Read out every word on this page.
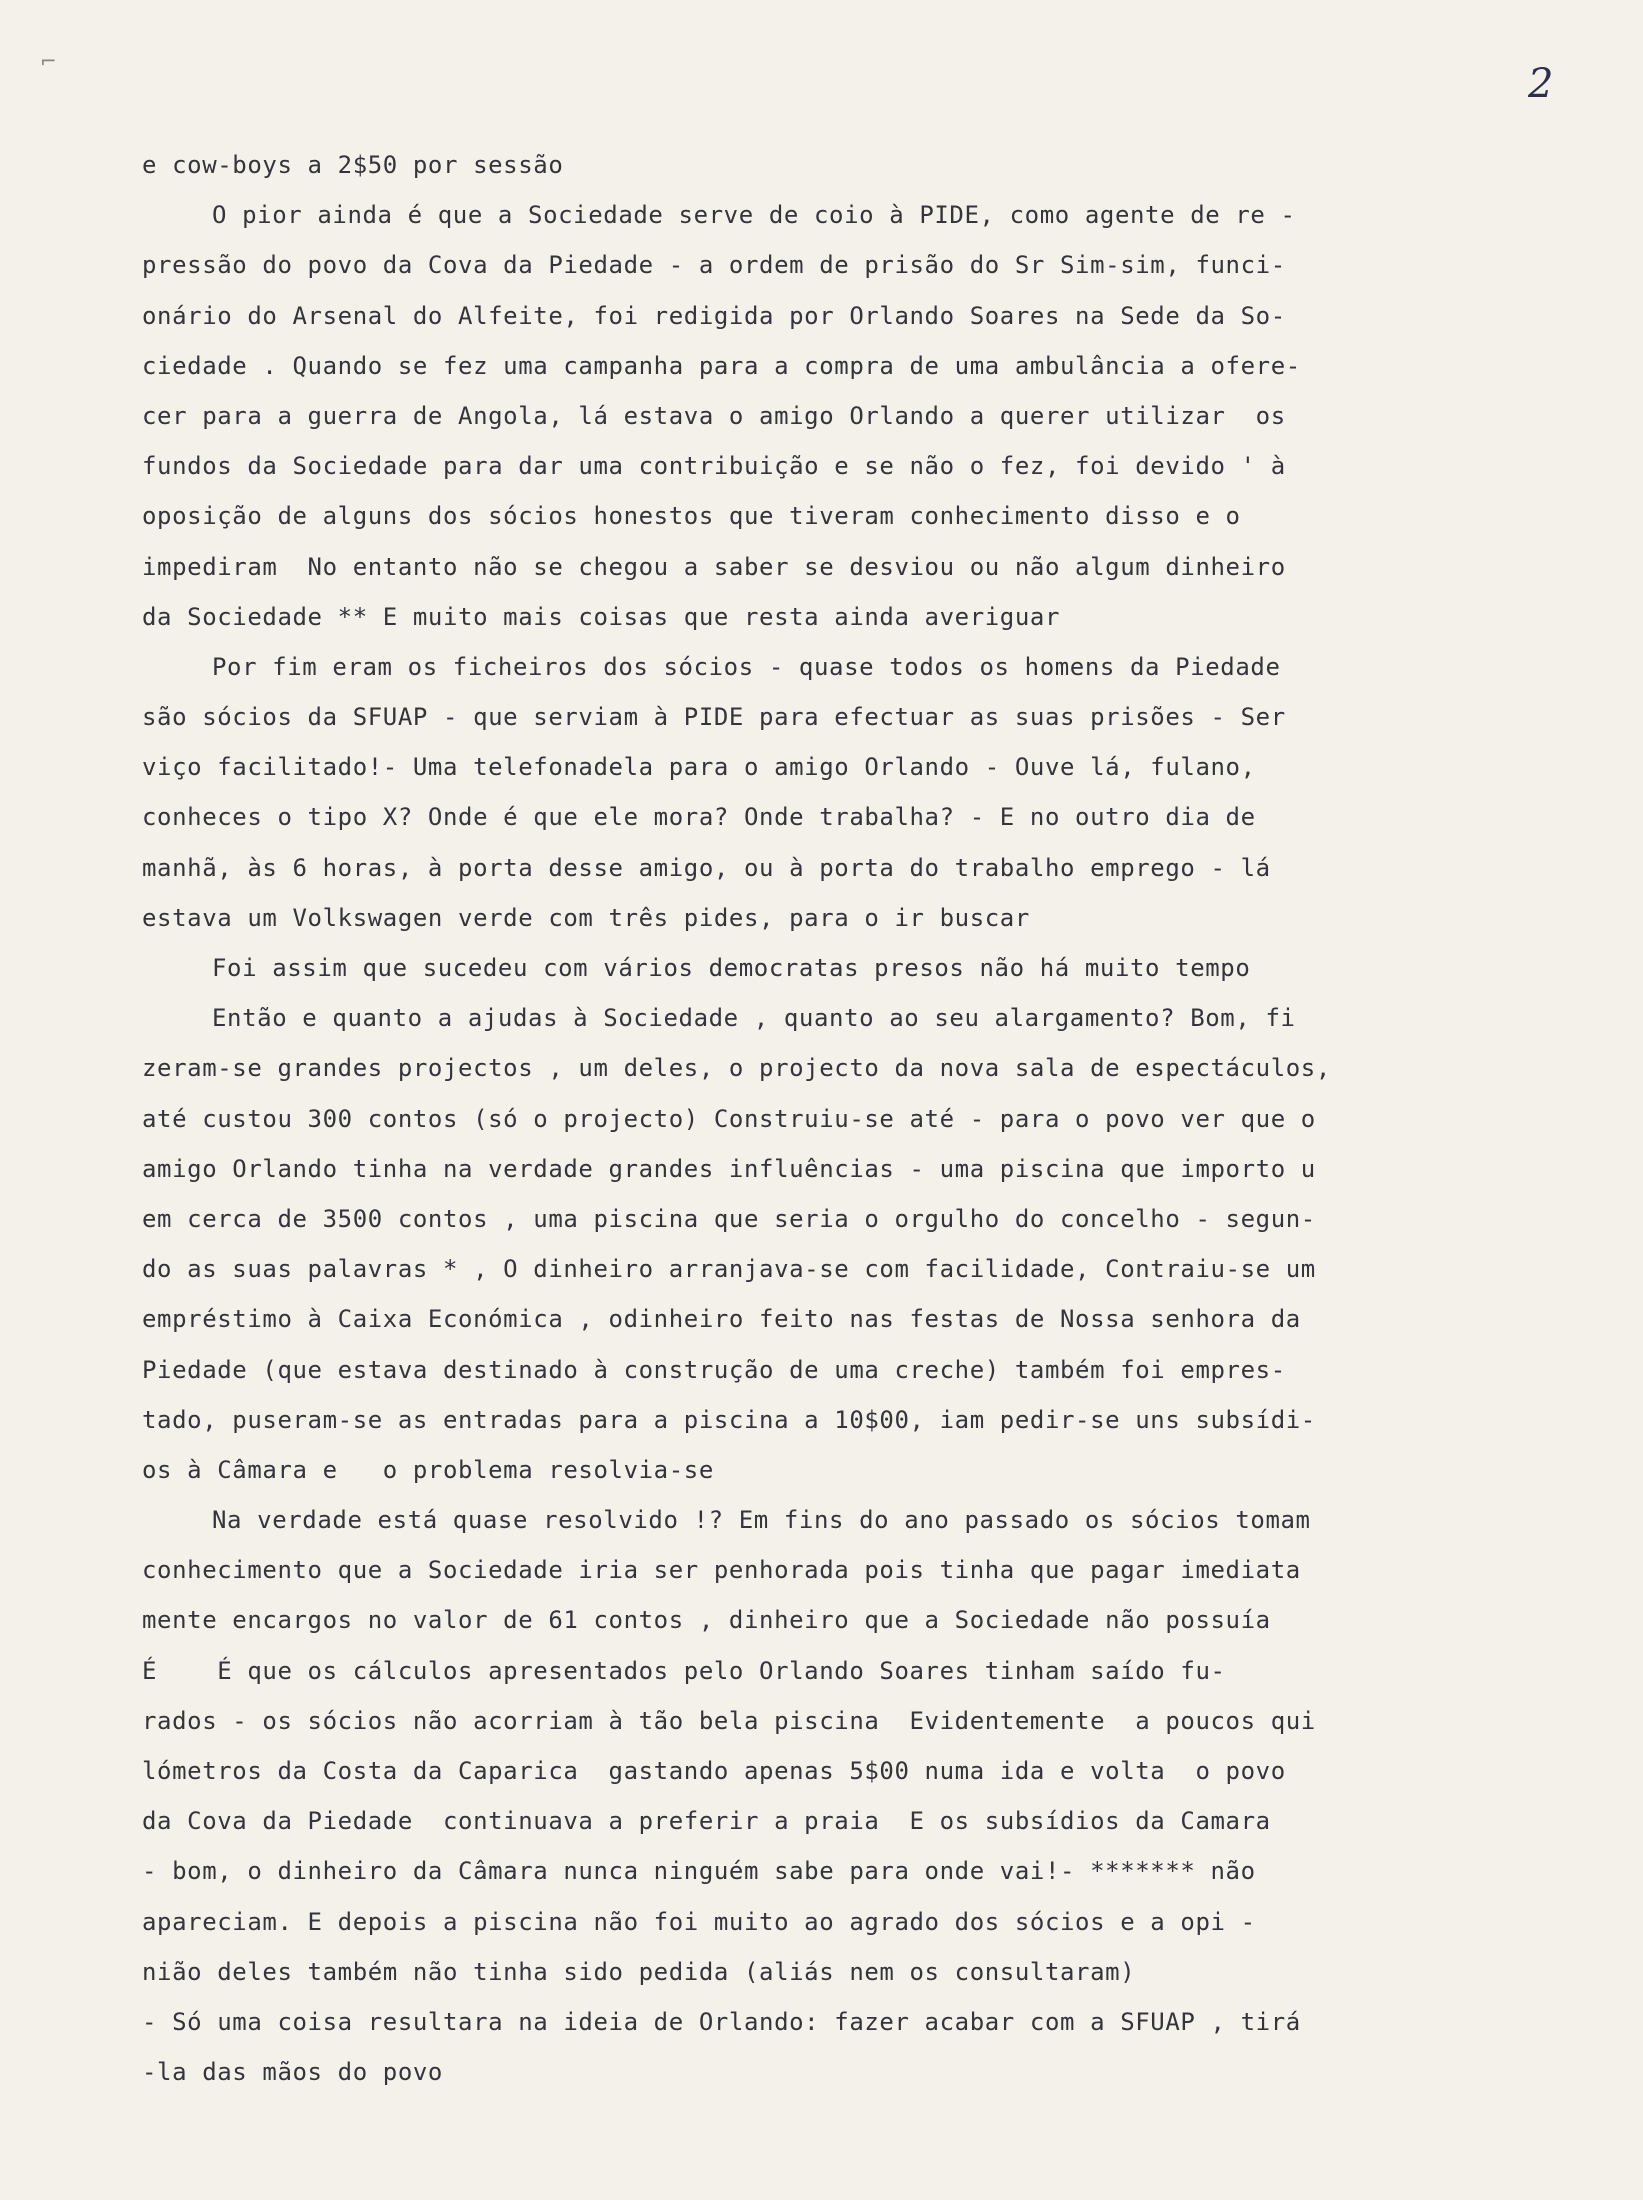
⌐	2
e cow-boys a 2$50 por sessão
O pior ainda é que a Sociedade serve de coio à PIDE, como agente de re -
pressão do povo da Cova da Piedade - a ordem de prisão do Sr Sim-sim, funci-
onário do Arsenal do Alfeite, foi redigida por Orlando Soares na Sede da So-
ciedade . Quando se fez uma campanha para a compra de uma ambulância a ofere-
cer para a guerra de Angola, lá estava o amigo Orlando a querer utilizar  os
fundos da Sociedade para dar uma contribuição e se não o fez, foi devido ' à
oposição de alguns dos sócios honestos que tiveram conhecimento disso e o
impediram  No entanto não se chegou a saber se desviou ou não algum dinheiro
da Sociedade ** E muito mais coisas que resta ainda averiguar
Por fim eram os ficheiros dos sócios - quase todos os homens da Piedade
são sócios da SFUAP - que serviam à PIDE para efectuar as suas prisões - Ser
viço facilitado!- Uma telefonadela para o amigo Orlando - Ouve lá, fulano,
conheces o tipo X? Onde é que ele mora? Onde trabalha? - E no outro dia de
manhã, às 6 horas, à porta desse amigo, ou à porta do trabalho emprego - lá
estava um Volkswagen verde com três pides, para o ir buscar
Foi assim que sucedeu com vários democratas presos não há muito tempo
Então e quanto a ajudas à Sociedade , quanto ao seu alargamento? Bom, fi
zeram-se grandes projectos , um deles, o projecto da nova sala de espectáculos,
até custou 300 contos (só o projecto) Construiu-se até - para o povo ver que o
amigo Orlando tinha na verdade grandes influências - uma piscina que importo u
em cerca de 3500 contos , uma piscina que seria o orgulho do concelho - segun-
do as suas palavras * , O dinheiro arranjava-se com facilidade, Contraiu-se um
empréstimo à Caixa Económica , odinheiro feito nas festas de Nossa senhora da
Piedade (que estava destinado à construção de uma creche) também foi empres-
tado, puseram-se as entradas para a piscina a 10$00, iam pedir-se uns subsídi-
os à Câmara e   o problema resolvia-se
Na verdade está quase resolvido !? Em fins do ano passado os sócios tomam
conhecimento que a Sociedade iria ser penhorada pois tinha que pagar imediata
mente encargos no valor de 61 contos , dinheiro que a Sociedade não possuía
É    É que os cálculos apresentados pelo Orlando Soares tinham saído fu-
rados - os sócios não acorriam à tão bela piscina  Evidentemente  a poucos qui
lómetros da Costa da Caparica  gastando apenas 5$00 numa ida e volta  o povo
da Cova da Piedade  continuava a preferir a praia  E os subsídios da Camara
- bom, o dinheiro da Câmara nunca ninguém sabe para onde vai!- ******* não
apareciam. E depois a piscina não foi muito ao agrado dos sócios e a opi -
nião deles também não tinha sido pedida (aliás nem os consultaram)
- Só uma coisa resultara na ideia de Orlando: fazer acabar com a SFUAP , tirá
-la das mãos do povo
